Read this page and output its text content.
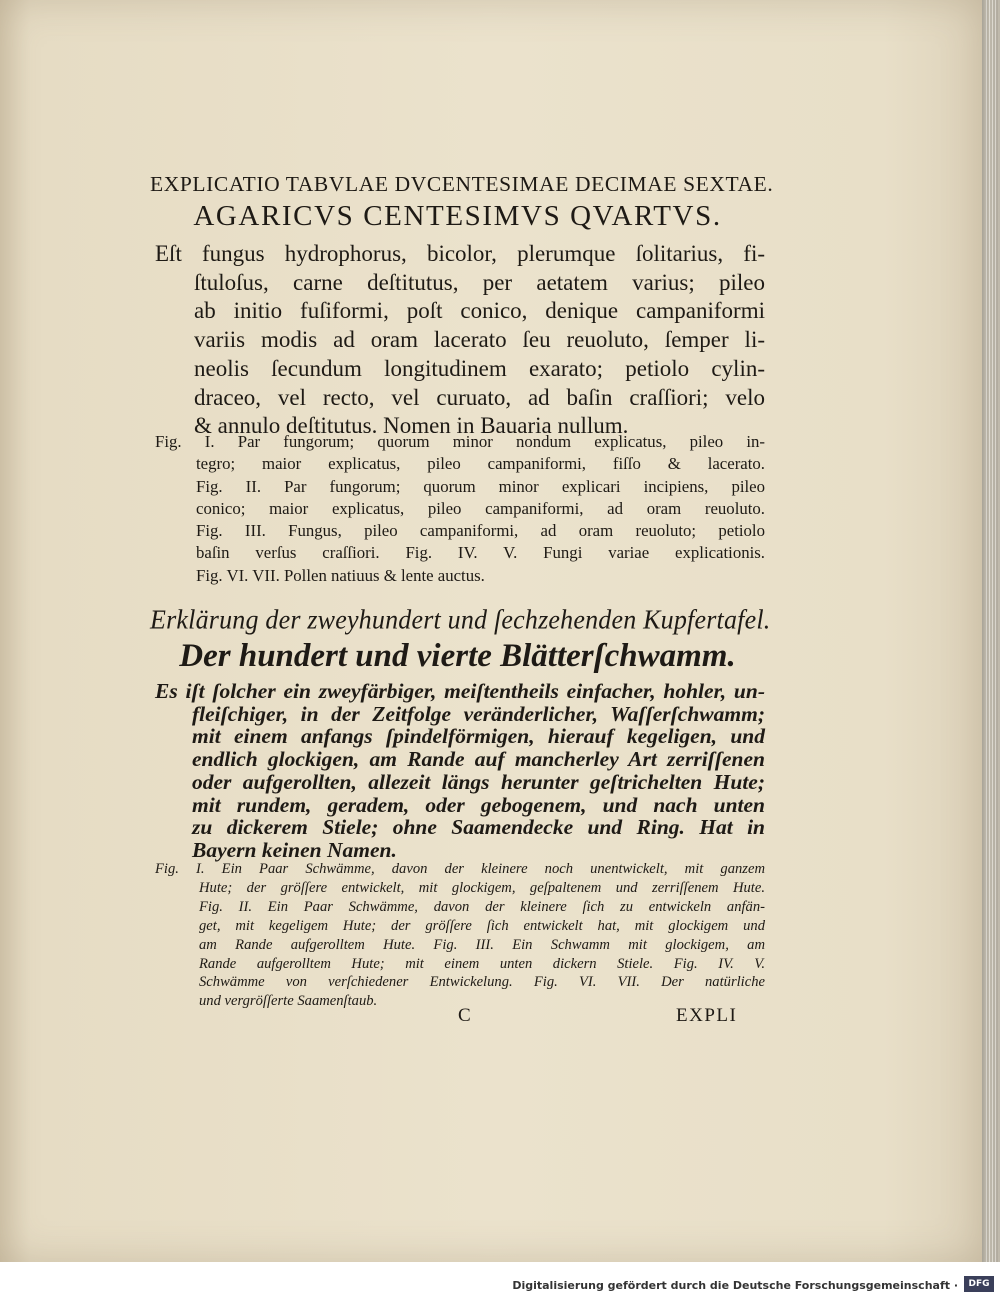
EXPLICATIO TABVLAE DVCENTESIMAE DECIMAE SEXTAE.
AGARICVS CENTESIMVS QVARTVS.
Eſt fungus hydrophorus, bicolor, plerumque ſolitarius, fi-
ſtuloſus, carne deſtitutus, per aetatem varius; pileo
ab initio fuſiformi, poſt conico, denique campaniformi
variis modis ad oram lacerato ſeu reuoluto, ſemper li-
neolis ſecundum longitudinem exarato; petiolo cylin-
draceo, vel recto, vel curuato, ad baſin craſſiori; velo
& annulo deſtitutus. Nomen in Bauaria nullum.
Fig. I. Par fungorum; quorum minor nondum explicatus, pileo in-
tegro; maior explicatus, pileo campaniformi, fiſſo & lacerato.
Fig. II. Par fungorum; quorum minor explicari incipiens, pileo
conico; maior explicatus, pileo campaniformi, ad oram reuoluto.
Fig. III. Fungus, pileo campaniformi, ad oram reuoluto; petiolo
baſin verſus craſſiori. Fig. IV. V. Fungi variae explicationis.
Fig. VI. VII. Pollen natiuus & lente auctus.
Erklärung der zweyhundert und ſechzehenden Kupfertafel.
Der hundert und vierte Blätterſchwamm.
Es iſt ſolcher ein zweyfärbiger, meiſtentheils einfacher, hohler, un-
fleiſchiger, in der Zeitfolge veränderlicher, Waſſerſchwamm;
mit einem anfangs ſpindelförmigen, hierauf kegeligen, und
endlich glockigen, am Rande auf mancherley Art zerriſſenen
oder aufgerollten, allezeit längs herunter geſtrichelten Hute;
mit rundem, geradem, oder gebogenem, und nach unten
zu dickerem Stiele; ohne Saamendecke und Ring. Hat in
Bayern keinen Namen.
Fig. I. Ein Paar Schwämme, davon der kleinere noch unentwickelt, mit ganzem
Hute; der gröſſere entwickelt, mit glockigem, geſpaltenem und zerriſſenem Hute.
Fig. II. Ein Paar Schwämme, davon der kleinere ſich zu entwickeln anfän-
get, mit kegeligem Hute; der gröſſere ſich entwickelt hat, mit glockigem und
am Rande aufgerolltem Hute. Fig. III. Ein Schwamm mit glockigem, am
Rande aufgerolltem Hute; mit einem unten dickern Stiele. Fig. IV. V.
Schwämme von verſchiedener Entwickelung. Fig. VI. VII. Der natürliche
und vergröſſerte Saamenſtaub.
C	EXPLI
Digitalisierung gefördert durch die Deutsche Forschungsgemeinschaft ·	DFG
